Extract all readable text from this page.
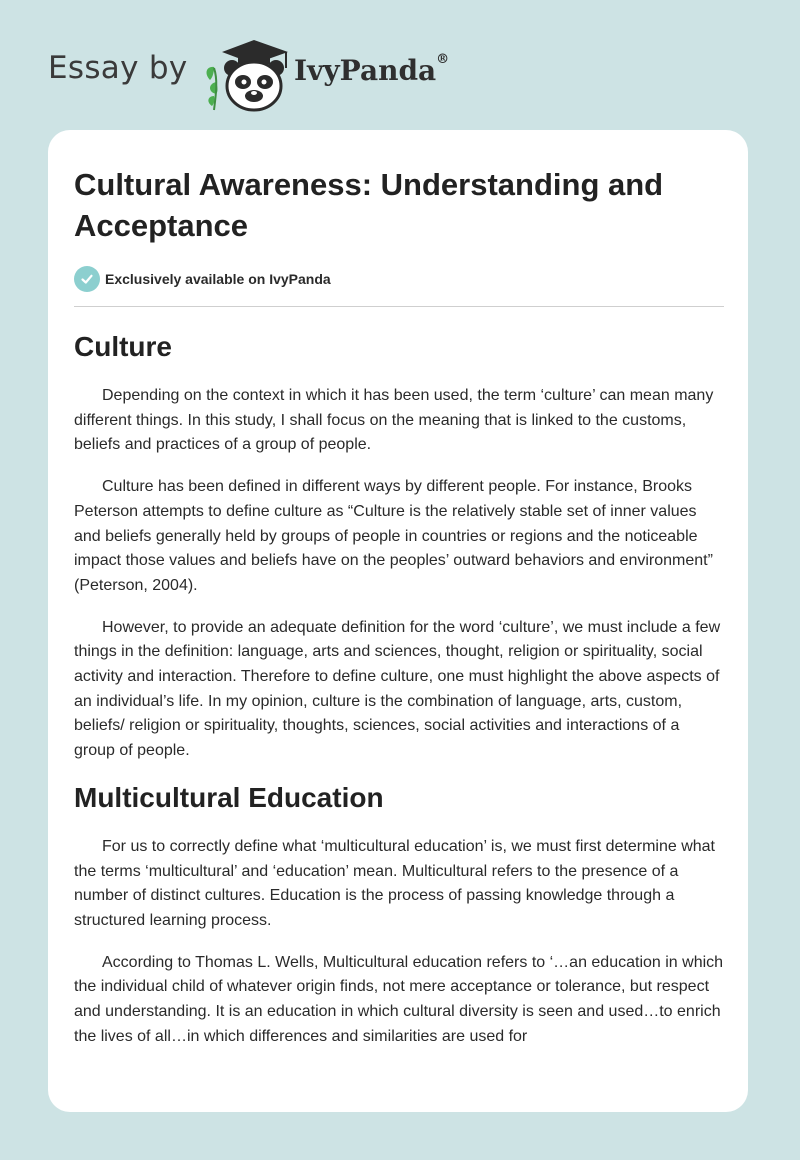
Essay by	IvyPanda®
Cultural Awareness: Understanding and Acceptance
Exclusively available on IvyPanda
Culture

Depending on the context in which it has been used, the term ‘culture’ can mean many different things. In this study, I shall focus on the meaning that is linked to the customs, beliefs and practices of a group of people.

Culture has been defined in different ways by different people. For instance, Brooks Peterson attempts to define culture as “Culture is the relatively stable set of inner values and beliefs generally held by groups of people in countries or regions and the noticeable impact those values and beliefs have on the peoples’ outward behaviors and environment” (Peterson, 2004).

However, to provide an adequate definition for the word ‘culture’, we must include a few things in the definition: language, arts and sciences, thought, religion or spirituality, social activity and interaction. Therefore to define culture, one must highlight the above aspects of an individual’s life. In my opinion, culture is the combination of language, arts, custom, beliefs/ religion or spirituality, thoughts, sciences, social activities and interactions of a group of people.

Multicultural Education

For us to correctly define what ‘multicultural education’ is, we must first determine what the terms ‘multicultural’ and ‘education’ mean. Multicultural refers to the presence of a number of distinct cultures. Education is the process of passing knowledge through a structured learning process.

According to Thomas L. Wells, Multicultural education refers to ‘…an education in which the individual child of whatever origin finds, not mere acceptance or tolerance, but respect and understanding. It is an education in which cultural diversity is seen and used…to enrich the lives of all…in which differences and similarities are used for
